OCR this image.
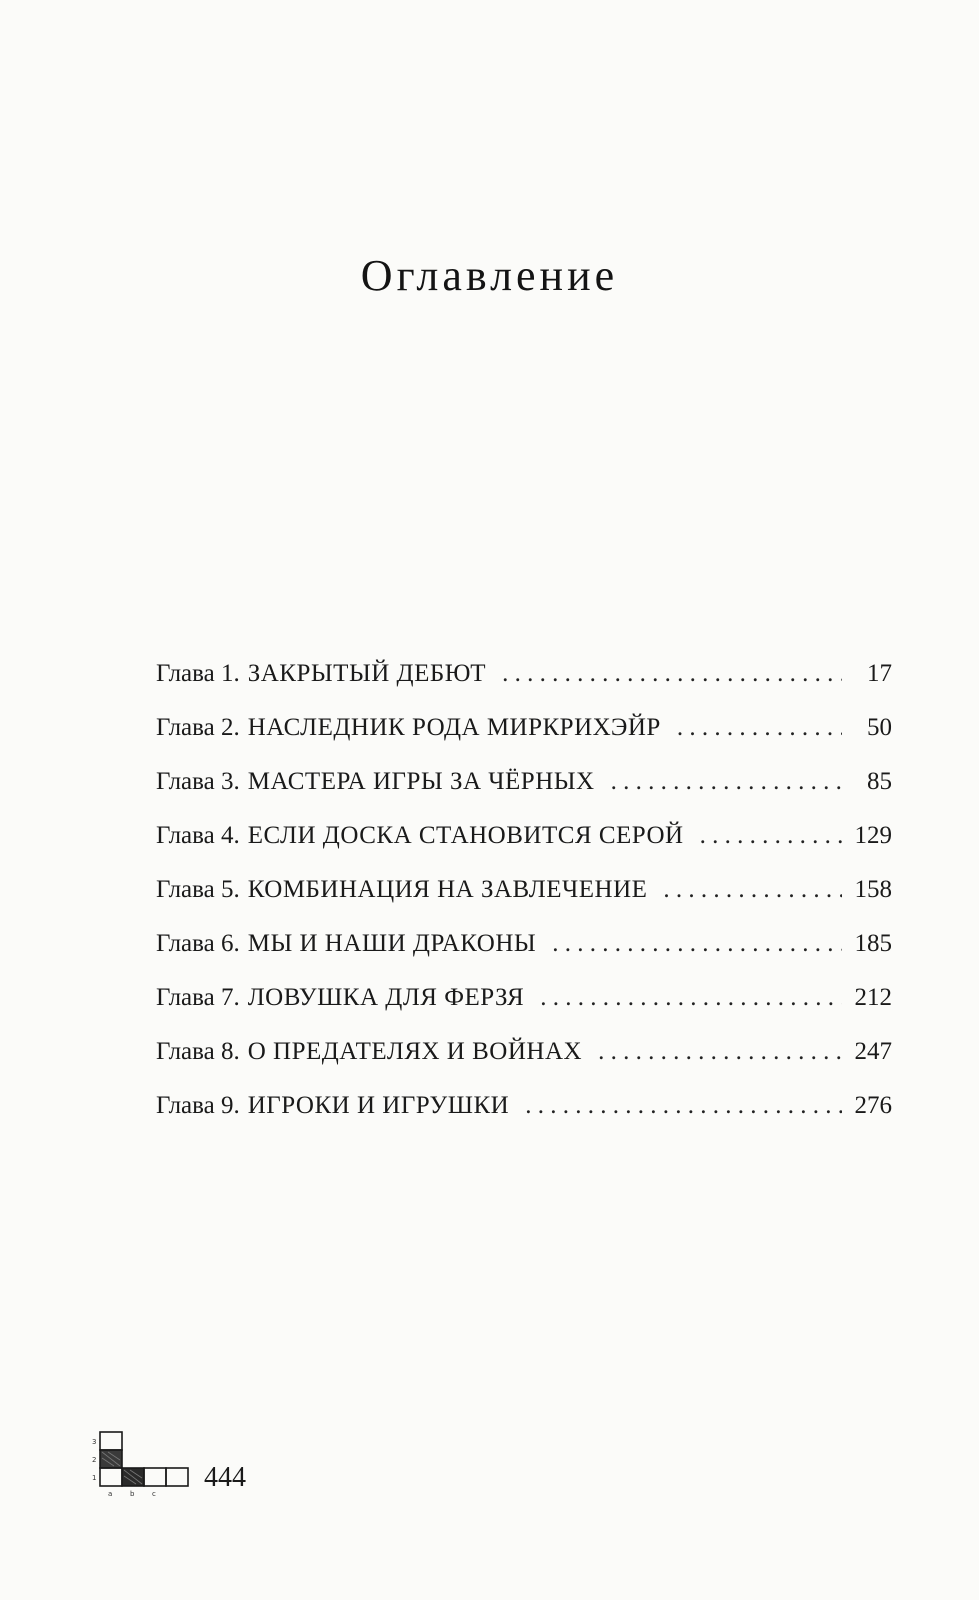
Оглавление
Глава 1. ЗАКРЫТЫЙ ДЕБЮТ . . .	17
Глава 2. НАСЛЕДНИК РОДА МИРКРИХЭЙР . . .	50
Глава 3. МАСТЕРА ИГРЫ ЗА ЧЁРНЫХ . . .	85
Глава 4. ЕСЛИ ДОСКА СТАНОВИТСЯ СЕРОЙ . . .	129
Глава 5. КОМБИНАЦИЯ НА ЗАВЛЕЧЕНИЕ . . .	158
Глава 6. МЫ И НАШИ ДРАКОНЫ . . .	185
Глава 7. ЛОВУШКА ДЛЯ ФЕРЗЯ . . .	212
Глава 8. О ПРЕДАТЕЛЯХ И ВОЙНАХ . . .	247
Глава 9. ИГРОКИ И ИГРУШКИ . . .	276
3
2
1
a	b	c
444
